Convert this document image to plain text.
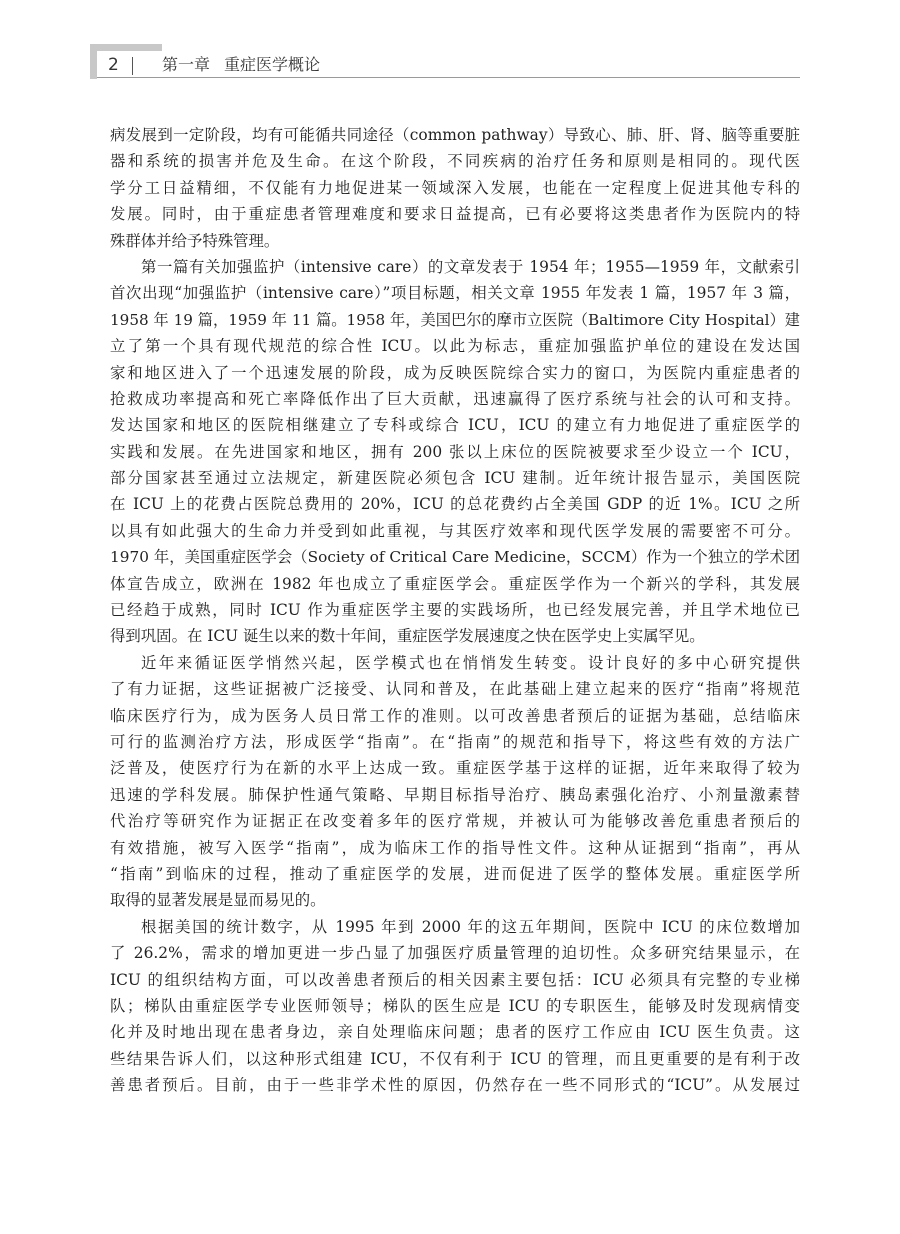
2	第一章 重症医学概论
病发展到一定阶段，均有可能循共同途径（common pathway）导致心、肺、肝、肾、脑等重要脏
器和系统的损害并危及生命。在这个阶段，不同疾病的治疗任务和原则是相同的。现代医
学分工日益精细，不仅能有力地促进某一领域深入发展，也能在一定程度上促进其他专科的
发展。同时，由于重症患者管理难度和要求日益提高，已有必要将这类患者作为医院内的特
殊群体并给予特殊管理。
第一篇有关加强监护（intensive care）的文章发表于 1954 年；1955—1959 年，文献索引
首次出现“加强监护（intensive care）”项目标题，相关文章 1955 年发表 1 篇，1957 年 3 篇，
1958 年 19 篇，1959 年 11 篇。1958 年，美国巴尔的摩市立医院（Baltimore City Hospital）建
立了第一个具有现代规范的综合性 ICU。以此为标志，重症加强监护单位的建设在发达国
家和地区进入了一个迅速发展的阶段，成为反映医院综合实力的窗口，为医院内重症患者的
抢救成功率提高和死亡率降低作出了巨大贡献，迅速赢得了医疗系统与社会的认可和支持。
发达国家和地区的医院相继建立了专科或综合 ICU，ICU 的建立有力地促进了重症医学的
实践和发展。在先进国家和地区，拥有 200 张以上床位的医院被要求至少设立一个 ICU，
部分国家甚至通过立法规定，新建医院必须包含 ICU 建制。近年统计报告显示，美国医院
在 ICU 上的花费占医院总费用的 20%，ICU 的总花费约占全美国 GDP 的近 1%。ICU 之所
以具有如此强大的生命力并受到如此重视，与其医疗效率和现代医学发展的需要密不可分。
1970 年，美国重症医学会（Society of Critical Care Medicine，SCCM）作为一个独立的学术团
体宣告成立，欧洲在 1982 年也成立了重症医学会。重症医学作为一个新兴的学科，其发展
已经趋于成熟，同时 ICU 作为重症医学主要的实践场所，也已经发展完善，并且学术地位已
得到巩固。在 ICU 诞生以来的数十年间，重症医学发展速度之快在医学史上实属罕见。
近年来循证医学悄然兴起，医学模式也在悄悄发生转变。设计良好的多中心研究提供
了有力证据，这些证据被广泛接受、认同和普及，在此基础上建立起来的医疗“指南”将规范
临床医疗行为，成为医务人员日常工作的准则。以可改善患者预后的证据为基础，总结临床
可行的监测治疗方法，形成医学“指南”。在“指南”的规范和指导下，将这些有效的方法广
泛普及，使医疗行为在新的水平上达成一致。重症医学基于这样的证据，近年来取得了较为
迅速的学科发展。肺保护性通气策略、早期目标指导治疗、胰岛素强化治疗、小剂量激素替
代治疗等研究作为证据正在改变着多年的医疗常规，并被认可为能够改善危重患者预后的
有效措施，被写入医学“指南”，成为临床工作的指导性文件。这种从证据到“指南”，再从
“指南”到临床的过程，推动了重症医学的发展，进而促进了医学的整体发展。重症医学所
取得的显著发展是显而易见的。
根据美国的统计数字，从 1995 年到 2000 年的这五年期间，医院中 ICU 的床位数增加
了 26.2%，需求的增加更进一步凸显了加强医疗质量管理的迫切性。众多研究结果显示，在
ICU 的组织结构方面，可以改善患者预后的相关因素主要包括：ICU 必须具有完整的专业梯
队；梯队由重症医学专业医师领导；梯队的医生应是 ICU 的专职医生，能够及时发现病情变
化并及时地出现在患者身边，亲自处理临床问题；患者的医疗工作应由 ICU 医生负责。这
些结果告诉人们，以这种形式组建 ICU，不仅有利于 ICU 的管理，而且更重要的是有利于改
善患者预后。目前，由于一些非学术性的原因，仍然存在一些不同形式的“ICU”。从发展过
